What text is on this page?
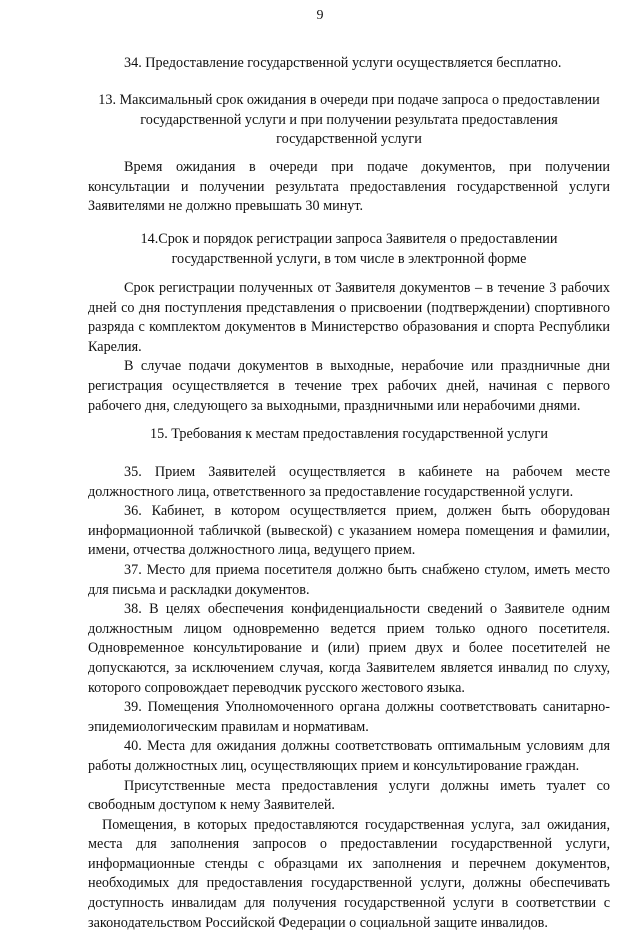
9
34. Предоставление государственной услуги осуществляется бесплатно.

13. Максимальный срок ожидания в очереди при подаче запроса о предоставлении

государственной услуги и при получении результата предоставления

государственной услуги

Время ожидания в очереди при подаче документов, при получении консультации и получении результата предоставления государственной услуги Заявителями не должно превышать 30 минут.

14.Срок и порядок регистрации запроса Заявителя о предоставлении

государственной услуги, в том числе в электронной форме

Срок регистрации полученных от Заявителя документов – в течение 3 рабочих дней со дня поступления представления о присвоении (подтверждении) спортивного разряда с комплектом документов в Министерство образования и спорта Республики Карелия.

В случае подачи документов в выходные, нерабочие или праздничные дни регистрация осуществляется в течение трех рабочих дней, начиная с первого рабочего дня, следующего за выходными, праздничными или нерабочими днями.

15. Требования к местам предоставления государственной услуги

35. Прием Заявителей осуществляется в кабинете на рабочем месте должностного лица, ответственного за предоставление государственной услуги.

36. Кабинет, в котором осуществляется прием, должен быть оборудован информационной табличкой (вывеской) с указанием номера помещения и фамилии, имени, отчества должностного лица, ведущего прием.

37. Место для приема посетителя должно быть снабжено стулом, иметь место для письма и раскладки документов.

38. В целях обеспечения конфиденциальности сведений о Заявителе одним должностным лицом одновременно ведется прием только одного посетителя. Одновременное консультирование и (или) прием двух и более посетителей не допускаются, за исключением случая, когда Заявителем является инвалид по слуху, которого сопровождает переводчик русского жестового языка.

39. Помещения Уполномоченного органа должны соответствовать санитарно-эпидемиологическим правилам и нормативам.

40. Места для ожидания должны соответствовать оптимальным условиям для работы должностных лиц, осуществляющих прием и консультирование граждан.

Присутственные места предоставления услуги должны иметь туалет со свободным доступом к нему Заявителей.

Помещения, в которых предоставляются государственная услуга, зал ожидания, места для заполнения запросов о предоставлении государственной услуги, информационные стенды с образцами их заполнения и перечнем документов, необходимых для предоставления государственной услуги, должны обеспечивать доступность инвалидам для получения государственной услуги в соответствии с законодательством Российской Федерации о социальной защите инвалидов.
